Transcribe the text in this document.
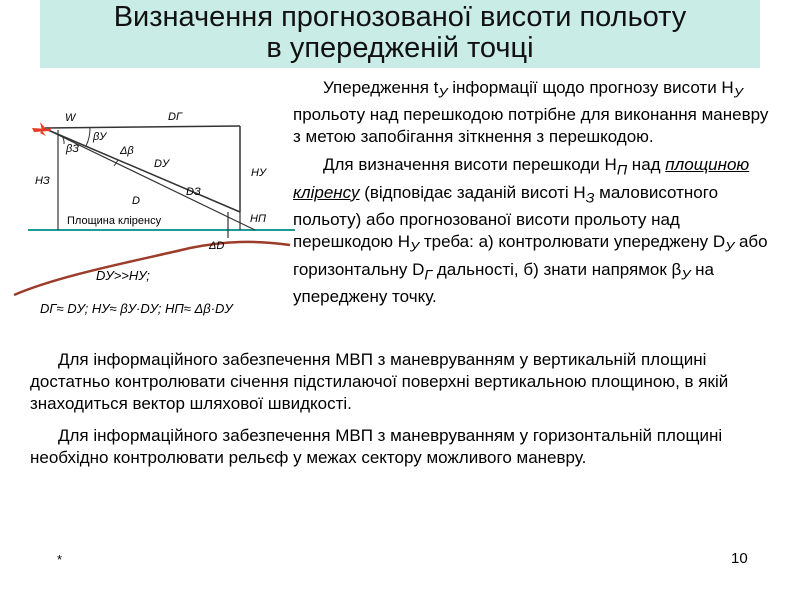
Визначення прогнозованої висоти польоту
в упередженій точці
W	DГ
βУ
βЗ	Δβ
DУ
HЗ
HУ
D
DЗ
Площина кліренсу	HП
ΔD
DУ>>HУ;
DГ≈ DУ; HУ≈ βУ·DУ; HП≈ Δβ·DУ

Упередження $t_У$ інформації щодо прогнозу висоти $H_У$ прольоту над перешкодою потрібне для виконання маневру з метою запобігання зіткнення з перешкодою.

Для визначення висоти перешкоди $H_П$ над площиною кліренсу (відповідає заданій висоті $H_З$ маловисотного польоту) або прогнозованої висоти прольоту над перешкодою $H_У$ треба: а) контролювати упереджену $D_У$ або горизонтальну $D_Г$ дальності, б) знати напрямок $\beta_У$ на упереджену точку.

Для інформаційного забезпечення МВП з маневруванням у вертикальній площині достатньо контролювати січення підстилаючої поверхні вертикальною площиною, в якій знаходиться вектор шляхової швидкості.

Для інформаційного забезпечення МВП з маневруванням у горизонтальній площині необхідно контролювати рельєф у межах сектору можливого маневру.

*	10
